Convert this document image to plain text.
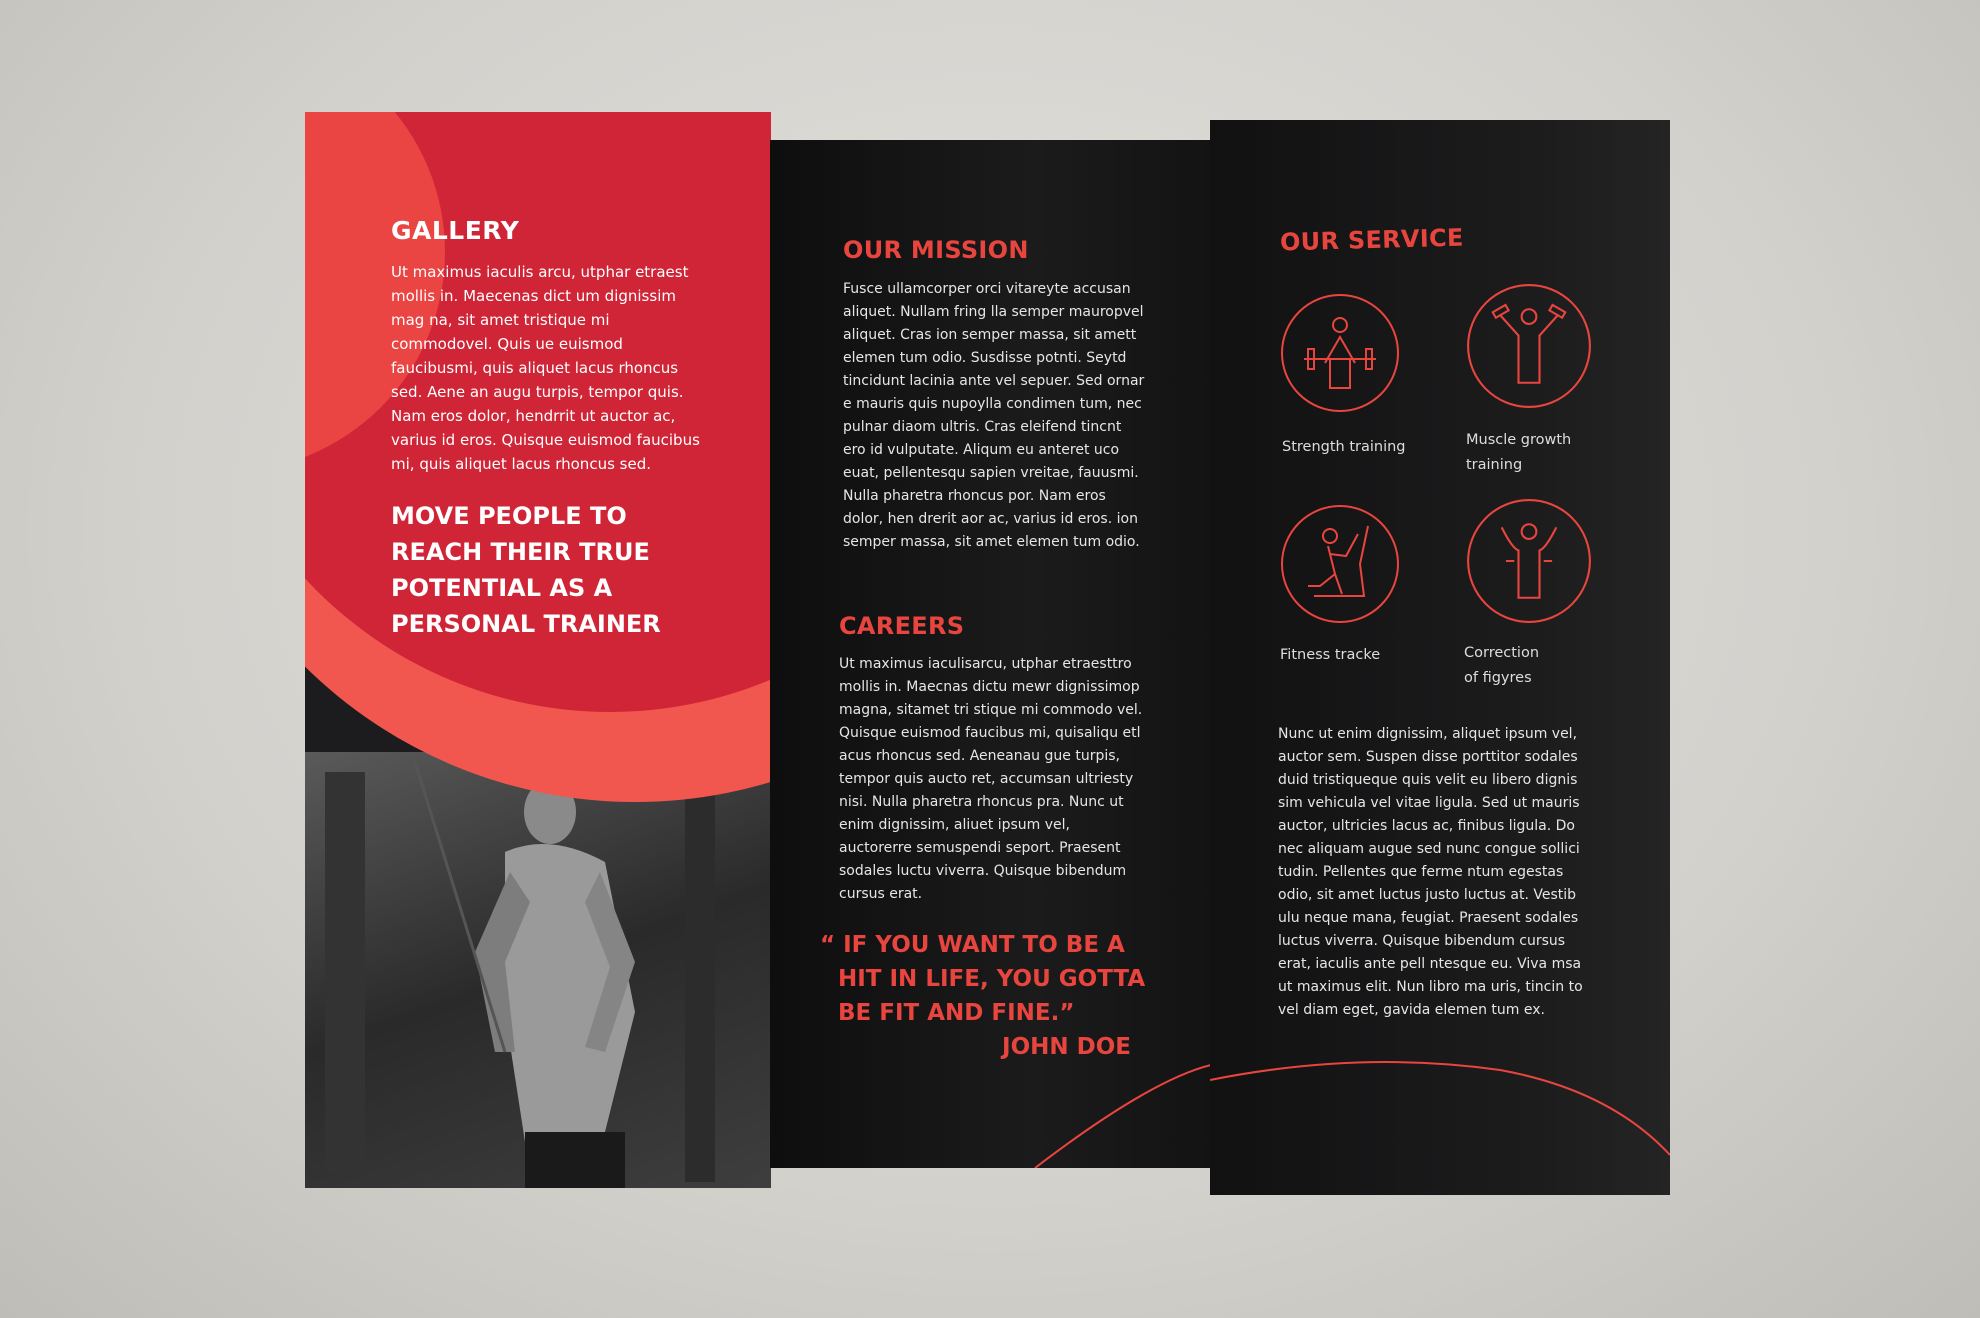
GALLERY
Ut maximus iaculis arcu, utphar etraest mollis in. Maecenas dict um dignissim mag na, sit amet tristique mi commodovel. Quis ue euismod faucibusmi, quis aliquet lacus rhoncus sed. Aene an augu turpis, tempor quis. Nam eros dolor, hendrrit ut auctor ac, varius id eros. Quisque euismod faucibus mi, quis aliquet lacus rhoncus sed.
MOVE PEOPLE TO
REACH THEIR TRUE
POTENTIAL AS A
PERSONAL TRAINER
OUR MISSION
Fusce ullamcorper orci vitareyte accusan aliquet. Nullam fring lla semper mauropvel aliquet. Cras ion semper massa, sit amett elemen tum odio. Susdisse potnti. Seytd tincidunt lacinia ante vel sepuer. Sed ornar e mauris quis nupoylla condimen tum, nec pulnar diaom ultris. Cras eleifend tincnt ero id vulputate. Aliqum eu anteret uco euat, pellentesqu sapien vreitae, fauusmi. Nulla pharetra rhoncus por. Nam eros dolor, hen drerit aor ac, varius id eros. ion semper massa, sit amet elemen tum odio.
CAREERS
Ut maximus iaculisarcu, utphar etraesttro mollis in. Maecnas dictu mewr dignissimop magna, sitamet tri stique mi commodo vel. Quisque euismod faucibus mi, quisaliqu etl acus rhoncus sed. Aeneanau gue turpis, tempor quis aucto ret, accumsan ultriesty nisi. Nulla pharetra rhoncus pra. Nunc ut enim dignissim, aliuet ipsum vel, auctorerre semuspendi seport. Praesent sodales luctu viverra. Quisque bibendum cursus erat.
“ IF YOU WANT TO BE A
HIT IN LIFE, YOU GOTTA
BE FIT AND FINE.”
JOHN DOE
OUR SERVICE
Strength training	Muscle growth
training
Fitness tracke	Correction
of figyres
Nunc ut enim dignissim, aliquet ipsum vel, auctor sem. Suspen disse porttitor sodales duid tristiqueque quis velit eu libero dignis sim vehicula vel vitae ligula. Sed ut mauris auctor, ultricies lacus ac, finibus ligula. Do nec aliquam augue sed nunc congue sollici tudin. Pellentes que ferme ntum egestas odio, sit amet luctus justo luctus at. Vestib ulu neque mana, feugiat. Praesent sodales luctus viverra. Quisque bibendum cursus erat, iaculis ante pell ntesque eu. Viva msa ut maximus elit. Nun libro ma uris, tincin to vel diam eget, gavida elemen tum ex.
